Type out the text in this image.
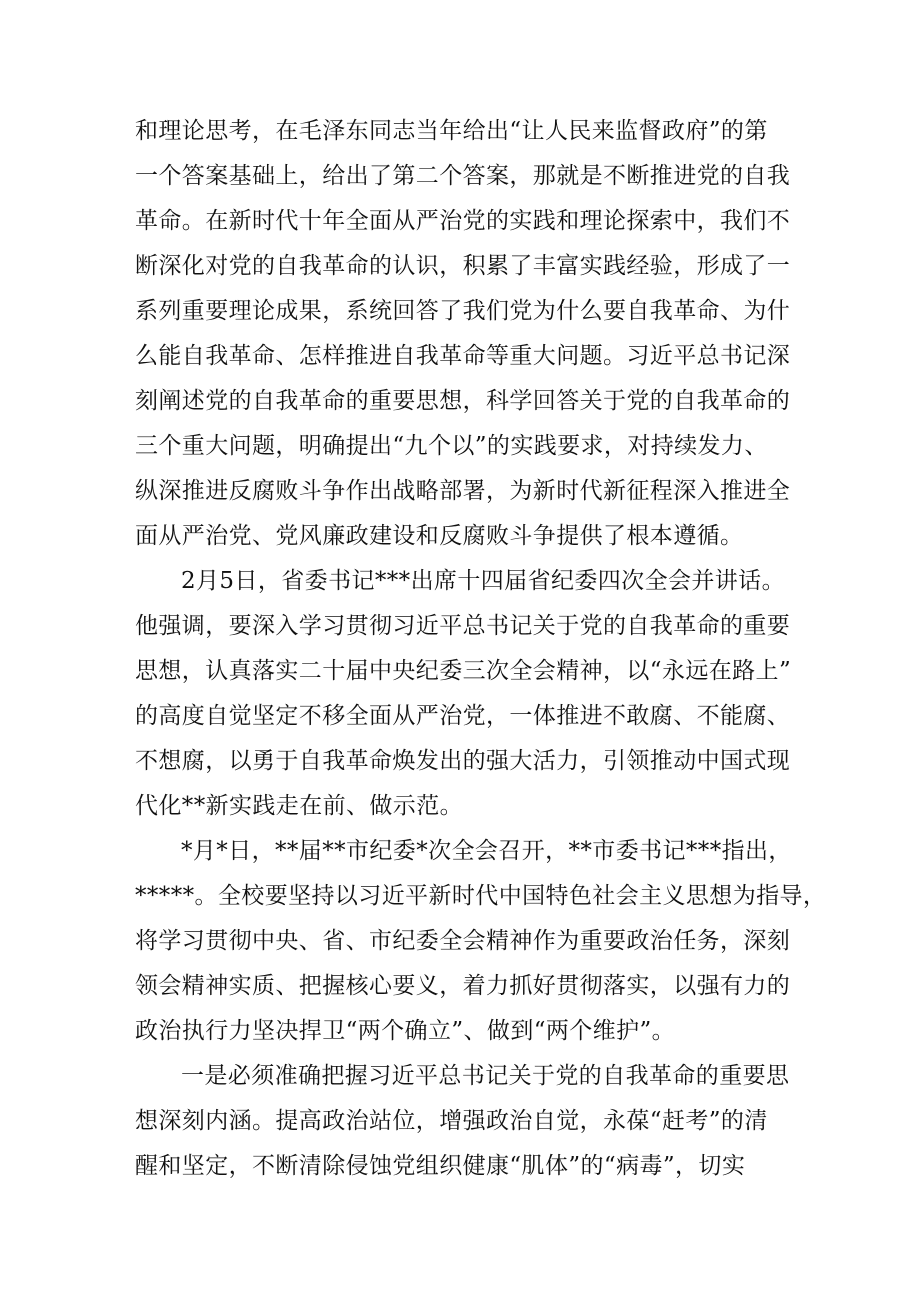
和理论思考，在毛泽东同志当年给出“让人民来监督政府”的第
一个答案基础上，给出了第二个答案，那就是不断推进党的自我
革命。在新时代十年全面从严治党的实践和理论探索中，我们不
断深化对党的自我革命的认识，积累了丰富实践经验，形成了一
系列重要理论成果，系统回答了我们党为什么要自我革命、为什
么能自我革命、怎样推进自我革命等重大问题。习近平总书记深
刻阐述党的自我革命的重要思想，科学回答关于党的自我革命的
三个重大问题，明确提出“九个以”的实践要求，对持续发力、
纵深推进反腐败斗争作出战略部署，为新时代新征程深入推进全
面从严治党、党风廉政建设和反腐败斗争提供了根本遵循。
2月5日，省委书记***出席十四届省纪委四次全会并讲话。
他强调，要深入学习贯彻习近平总书记关于党的自我革命的重要
思想，认真落实二十届中央纪委三次全会精神，以“永远在路上”
的高度自觉坚定不移全面从严治党，一体推进不敢腐、不能腐、
不想腐，以勇于自我革命焕发出的强大活力，引领推动中国式现
代化**新实践走在前、做示范。
*月*日，**届**市纪委*次全会召开，**市委书记***指出，
*****。全校要坚持以习近平新时代中国特色社会主义思想为指导，
将学习贯彻中央、省、市纪委全会精神作为重要政治任务，深刻
领会精神实质、把握核心要义，着力抓好贯彻落实，以强有力的
政治执行力坚决捍卫“两个确立”、做到“两个维护”。
一是必须准确把握习近平总书记关于党的自我革命的重要思
想深刻内涵。提高政治站位，增强政治自觉，永葆“赶考”的清
醒和坚定，不断清除侵蚀党组织健康“肌体”的“病毒”，切实
